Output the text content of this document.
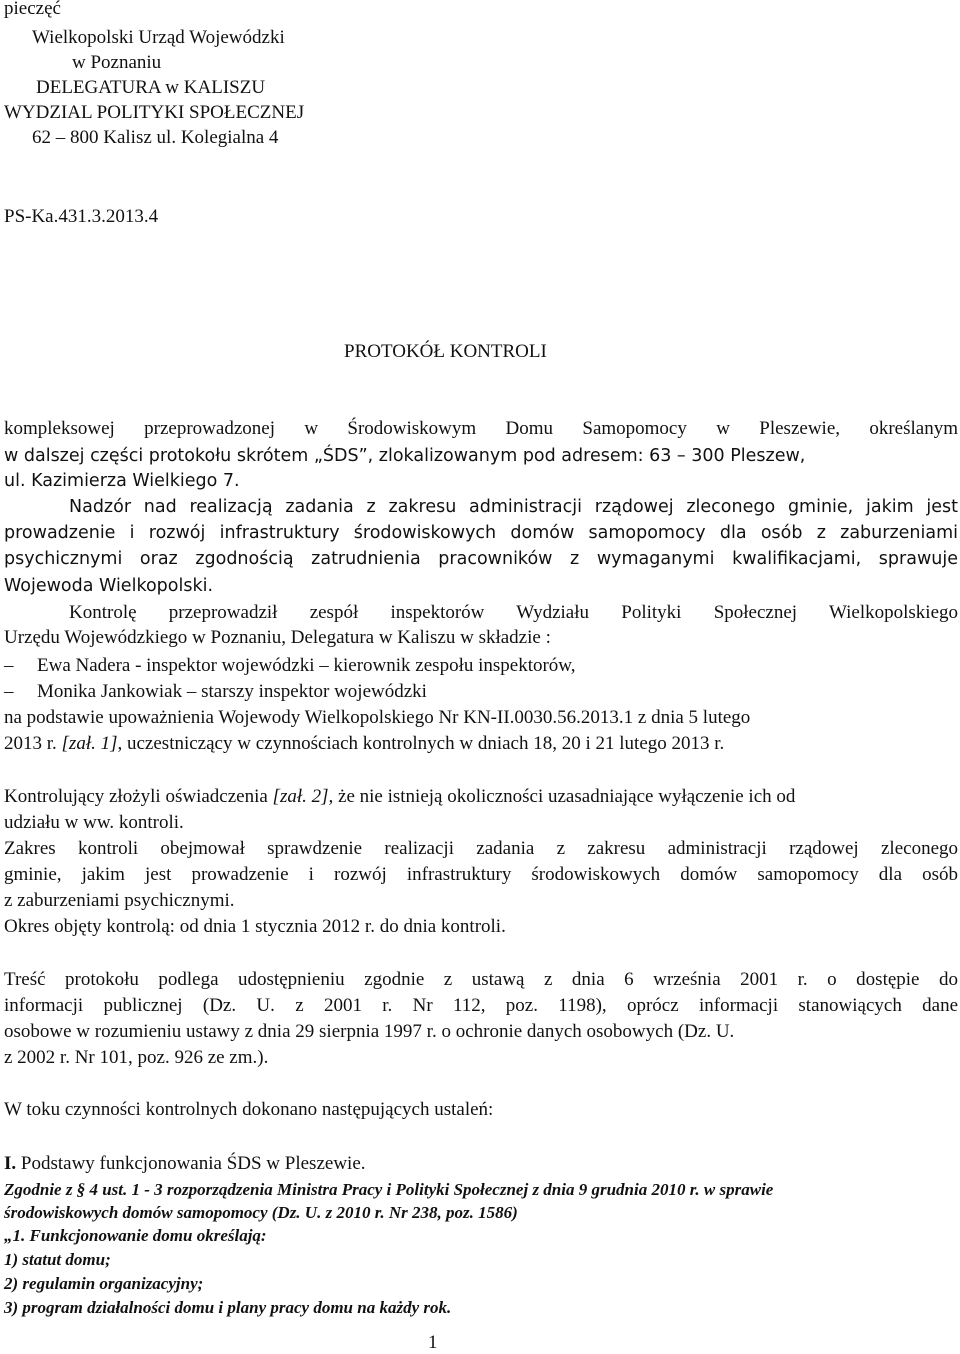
pieczęć
Wielkopolski Urząd Wojewódzki
w Poznaniu
DELEGATURA w KALISZU
WYDZIAL POLITYKI SPOŁECZNEJ
62 – 800 Kalisz ul. Kolegialna 4
PS-Ka.431.3.2013.4
PROTOKÓŁ KONTROLI
kompleksowej przeprowadzonej w Środowiskowym Domu Samopomocy w Pleszewie, określanym
w dalszej części protokołu skrótem „ŚDS”, zlokalizowanym pod adresem: 63 – 300 Pleszew,
ul. Kazimierza Wielkiego 7.
Nadzór nad realizacją zadania z zakresu administracji rządowej zleconego gminie, jakim jest
prowadzenie i rozwój infrastruktury środowiskowych domów samopomocy dla osób z zaburzeniami
psychicznymi oraz zgodnością zatrudnienia pracowników z wymaganymi kwalifikacjami, sprawuje
Wojewoda Wielkopolski.
Kontrolę przeprowadził zespół inspektorów Wydziału Polityki Społecznej Wielkopolskiego
Urzędu Wojewódzkiego w Poznaniu, Delegatura w Kaliszu w składzie :
– Ewa Nadera - inspektor wojewódzki – kierownik zespołu inspektorów,
– Monika Jankowiak – starszy inspektor wojewódzki
na podstawie upoważnienia Wojewody Wielkopolskiego Nr KN-II.0030.56.2013.1 z dnia 5 lutego
2013 r. [zał. 1], uczestniczący w czynnościach kontrolnych w dniach 18, 20 i 21 lutego 2013 r.
Kontrolujący złożyli oświadczenia [zał. 2], że nie istnieją okoliczności uzasadniające wyłączenie ich od
udziału w ww. kontroli.
Zakres kontroli obejmował sprawdzenie realizacji zadania z zakresu administracji rządowej zleconego
gminie, jakim jest prowadzenie i rozwój infrastruktury środowiskowych domów samopomocy dla osób
z zaburzeniami psychicznymi.
Okres objęty kontrolą: od dnia 1 stycznia 2012 r. do dnia kontroli.
Treść protokołu podlega udostępnieniu zgodnie z ustawą z dnia 6 września 2001 r. o dostępie do
informacji publicznej (Dz. U. z 2001 r. Nr 112, poz. 1198), oprócz informacji stanowiących dane
osobowe w rozumieniu ustawy z dnia 29 sierpnia 1997 r. o ochronie danych osobowych (Dz. U.
z 2002 r. Nr 101, poz. 926 ze zm.).
W toku czynności kontrolnych dokonano następujących ustaleń:
I. Podstawy funkcjonowania ŚDS w Pleszewie.
Zgodnie z § 4 ust. 1 - 3 rozporządzenia Ministra Pracy i Polityki Społecznej z dnia 9 grudnia 2010 r. w sprawie
środowiskowych domów samopomocy (Dz. U. z 2010 r. Nr 238, poz. 1586)
„1. Funkcjonowanie domu określają:
1) statut domu;
2) regulamin organizacyjny;
3) program działalności domu i plany pracy domu na każdy rok.
1
